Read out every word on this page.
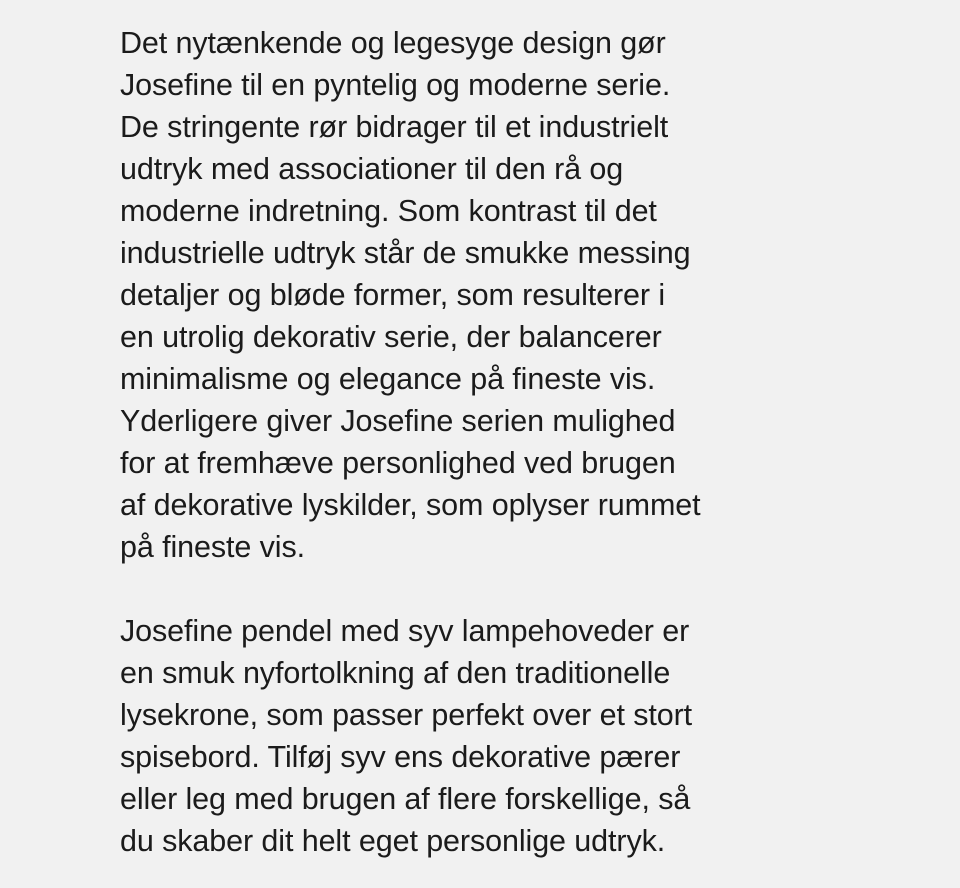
Det nytænkende og legesyge design gør
Josefine til en pyntelig og moderne serie.
De stringente rør bidrager til et industrielt
udtryk med associationer til den rå og
moderne indretning. Som kontrast til det
industrielle udtryk står de smukke messing
detaljer og bløde former, som resulterer i
en utrolig dekorativ serie, der balancerer
minimalisme og elegance på fineste vis.
Yderligere giver Josefine serien mulighed
for at fremhæve personlighed ved brugen
af dekorative lyskilder, som oplyser rummet
på fineste vis.

Josefine pendel med syv lampehoveder er
en smuk nyfortolkning af den traditionelle
lysekrone, som passer perfekt over et stort
spisebord. Tilføj syv ens dekorative pærer
eller leg med brugen af flere forskellige, så
du skaber dit helt eget personlige udtryk.
